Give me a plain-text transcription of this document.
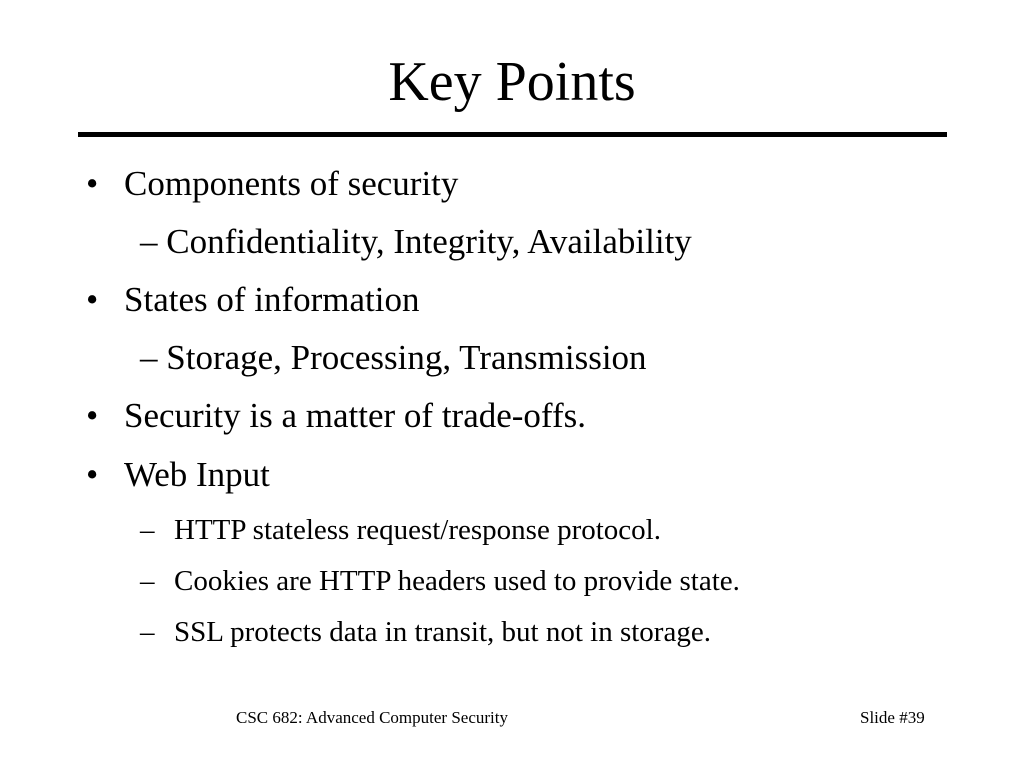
Key Points
• Components of security
– Confidentiality, Integrity, Availability
• States of information
– Storage, Processing, Transmission
• Security is a matter of trade-offs.
• Web Input
– HTTP stateless request/response protocol.
– Cookies are HTTP headers used to provide state.
– SSL protects data in transit, but not in storage.
CSC 682: Advanced Computer Security	Slide #39
